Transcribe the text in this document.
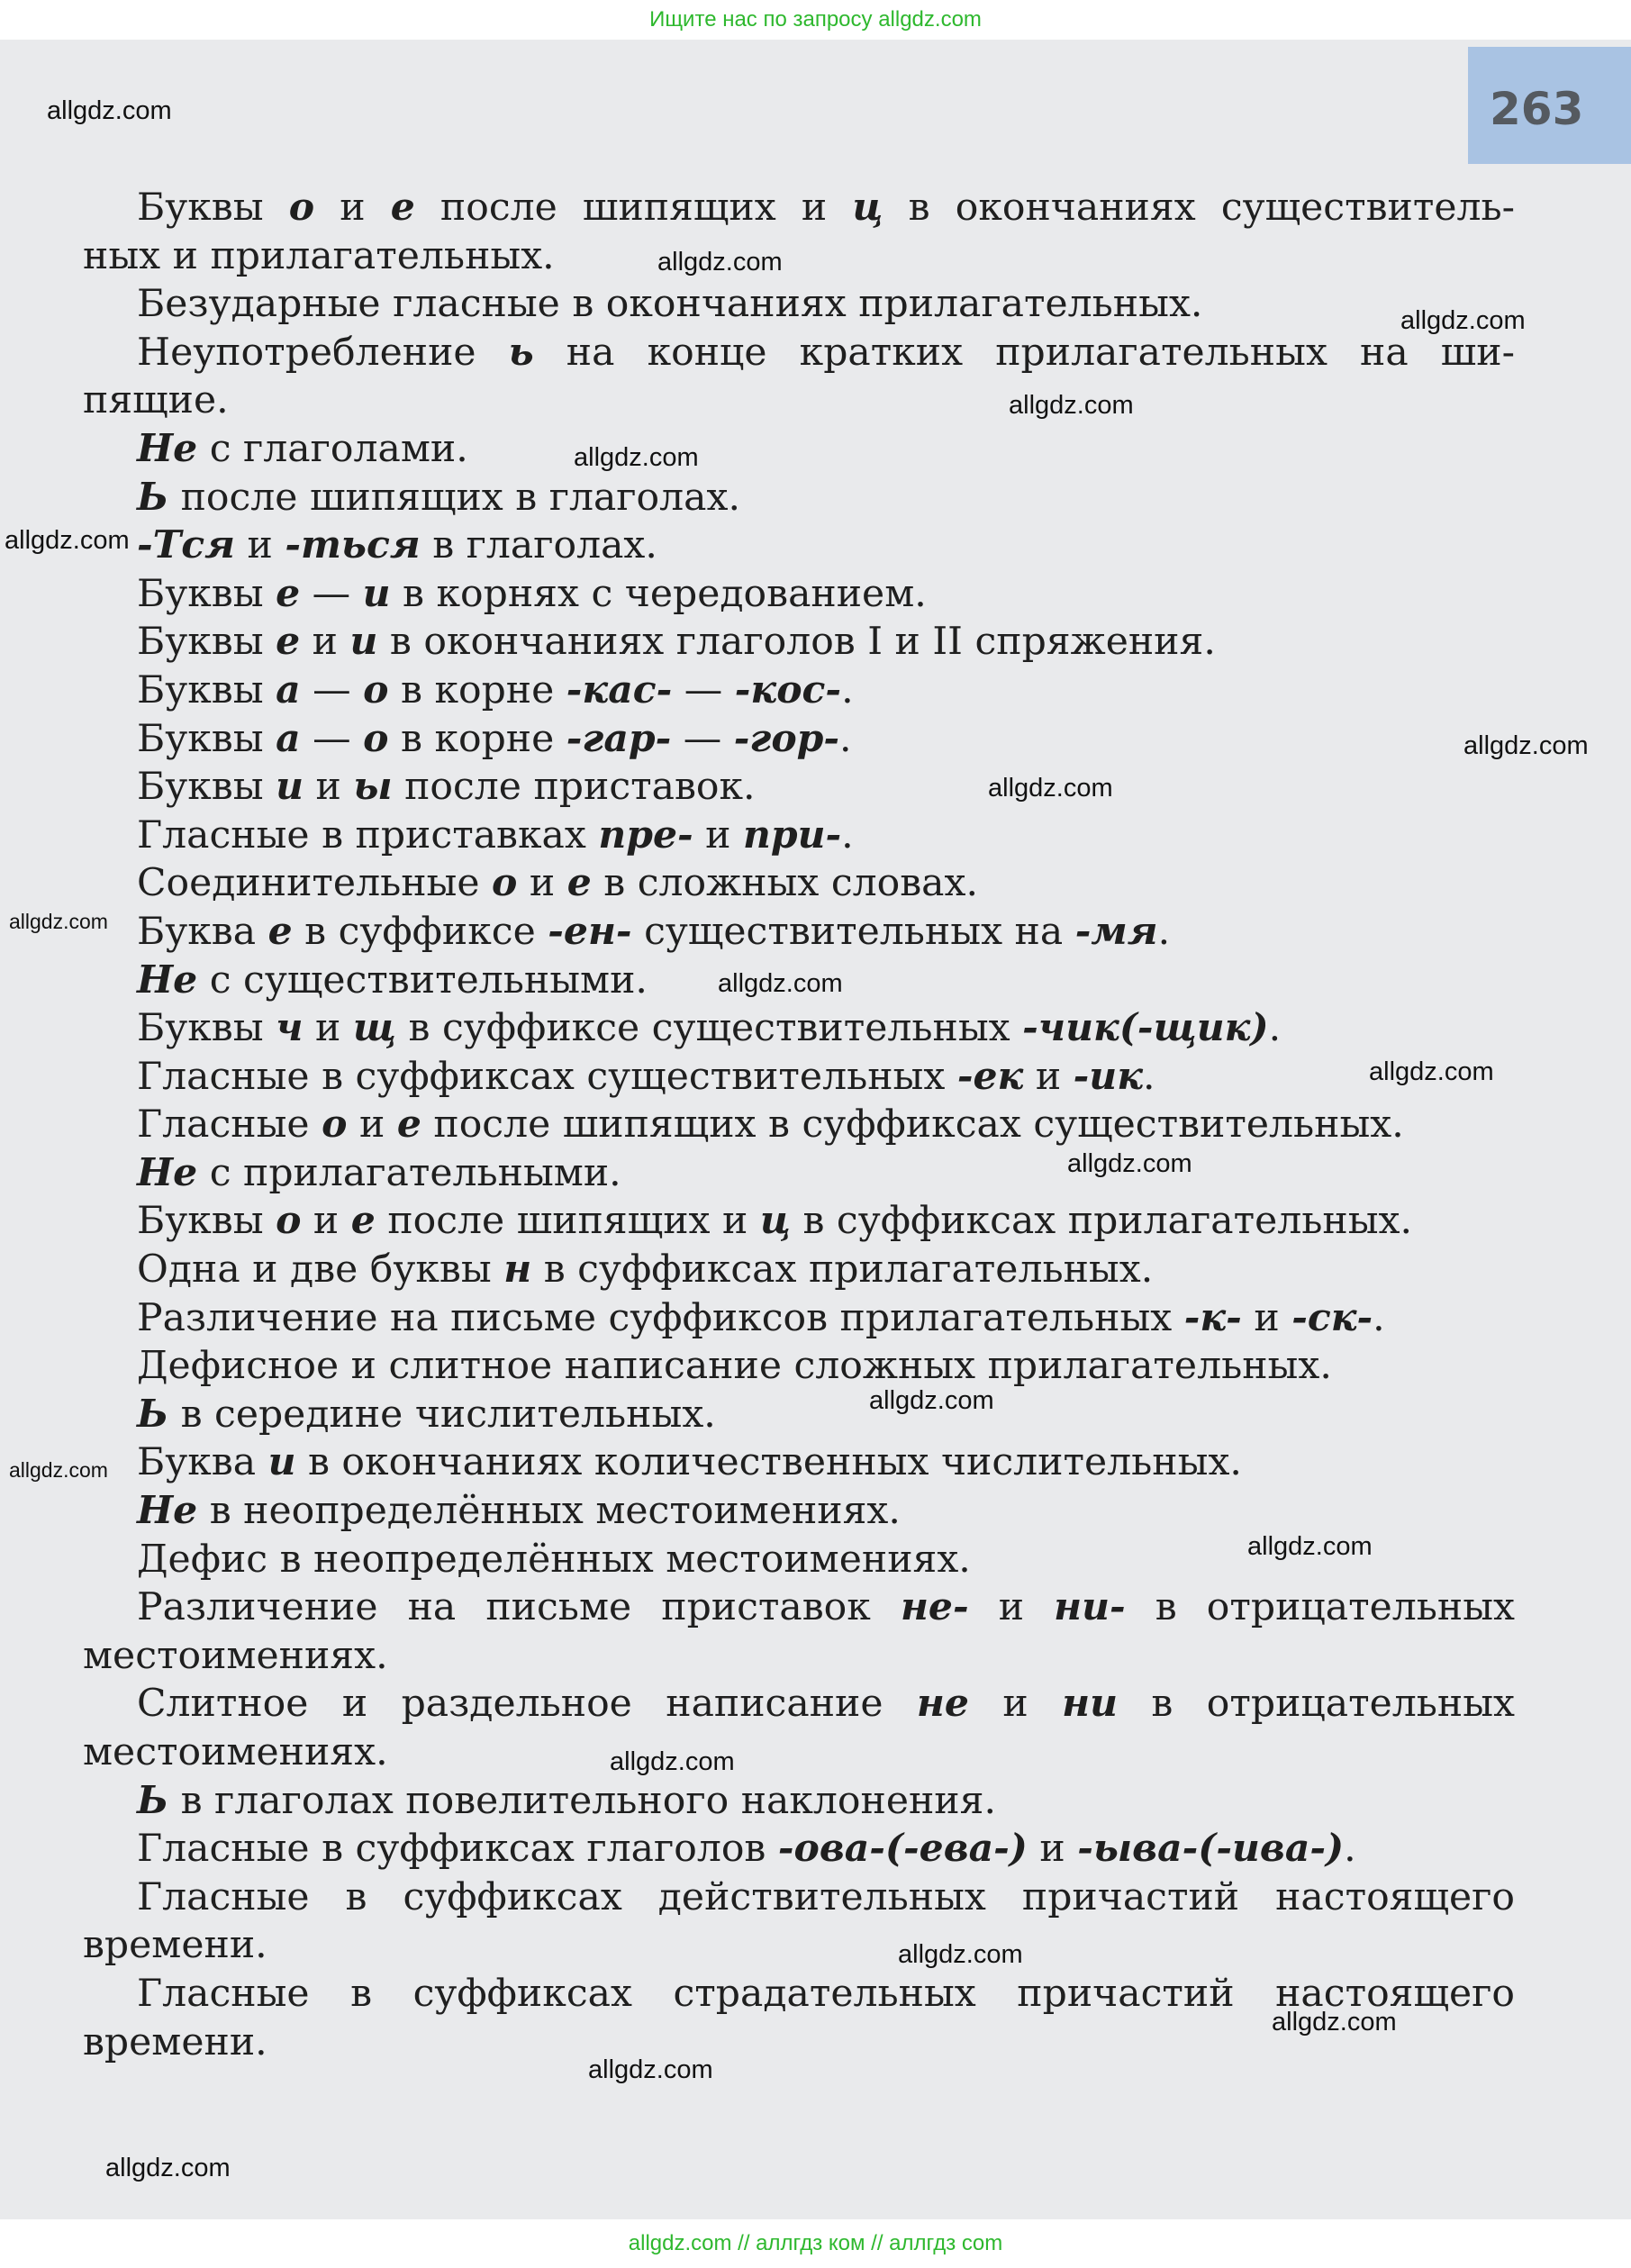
Ищите нас по запросу allgdz.com
263
Буквы о и е после шипящих и ц в окончаниях существитель-
ных и прилагательных.
Безударные гласные в окончаниях прилагательных.
Неупотребление ь на конце кратких прилагательных на ши-
пящие.
Не с глаголами.
Ь после шипящих в глаголах.
-Тся и -ться в глаголах.
Буквы е — и в корнях с чередованием.
Буквы е и и в окончаниях глаголов I и II спряжения.
Буквы а — о в корне -кас- — -кос-.
Буквы а — о в корне -гар- — -гор-.
Буквы и и ы после приставок.
Гласные в приставках пре- и при-.
Соединительные о и е в сложных словах.
Буква е в суффиксе -ен- существительных на -мя.
Не с существительными.
Буквы ч и щ в суффиксе существительных -чик(-щик).
Гласные в суффиксах существительных -ек и -ик.
Гласные о и е после шипящих в суффиксах существительных.
Не с прилагательными.
Буквы о и е после шипящих и ц в суффиксах прилагательных.
Одна и две буквы н в суффиксах прилагательных.
Различение на письме суффиксов прилагательных -к- и -ск-.
Дефисное и слитное написание сложных прилагательных.
Ь в середине числительных.
Буква и в окончаниях количественных числительных.
Не в неопределённых местоимениях.
Дефис в неопределённых местоимениях.
Различение на письме приставок не- и ни- в отрицательных
местоимениях.
Слитное и раздельное написание не и ни в отрицательных
местоимениях.
Ь в глаголах повелительного наклонения.
Гласные в суффиксах глаголов -ова-(-ева-) и -ыва-(-ива-).
Гласные в суффиксах действительных причастий настоящего
времени.
Гласные в суффиксах страдательных причастий настоящего
времени.
allgdz.com
allgdz.com
allgdz.com
allgdz.com
allgdz.com
allgdz.com
allgdz.com
allgdz.com
allgdz.com
allgdz.com
allgdz.com
allgdz.com
allgdz.com
allgdz.com
allgdz.com
allgdz.com
allgdz.com
allgdz.com
allgdz.com
allgdz.com
allgdz.com // аллгдз ком // аллгдз com
